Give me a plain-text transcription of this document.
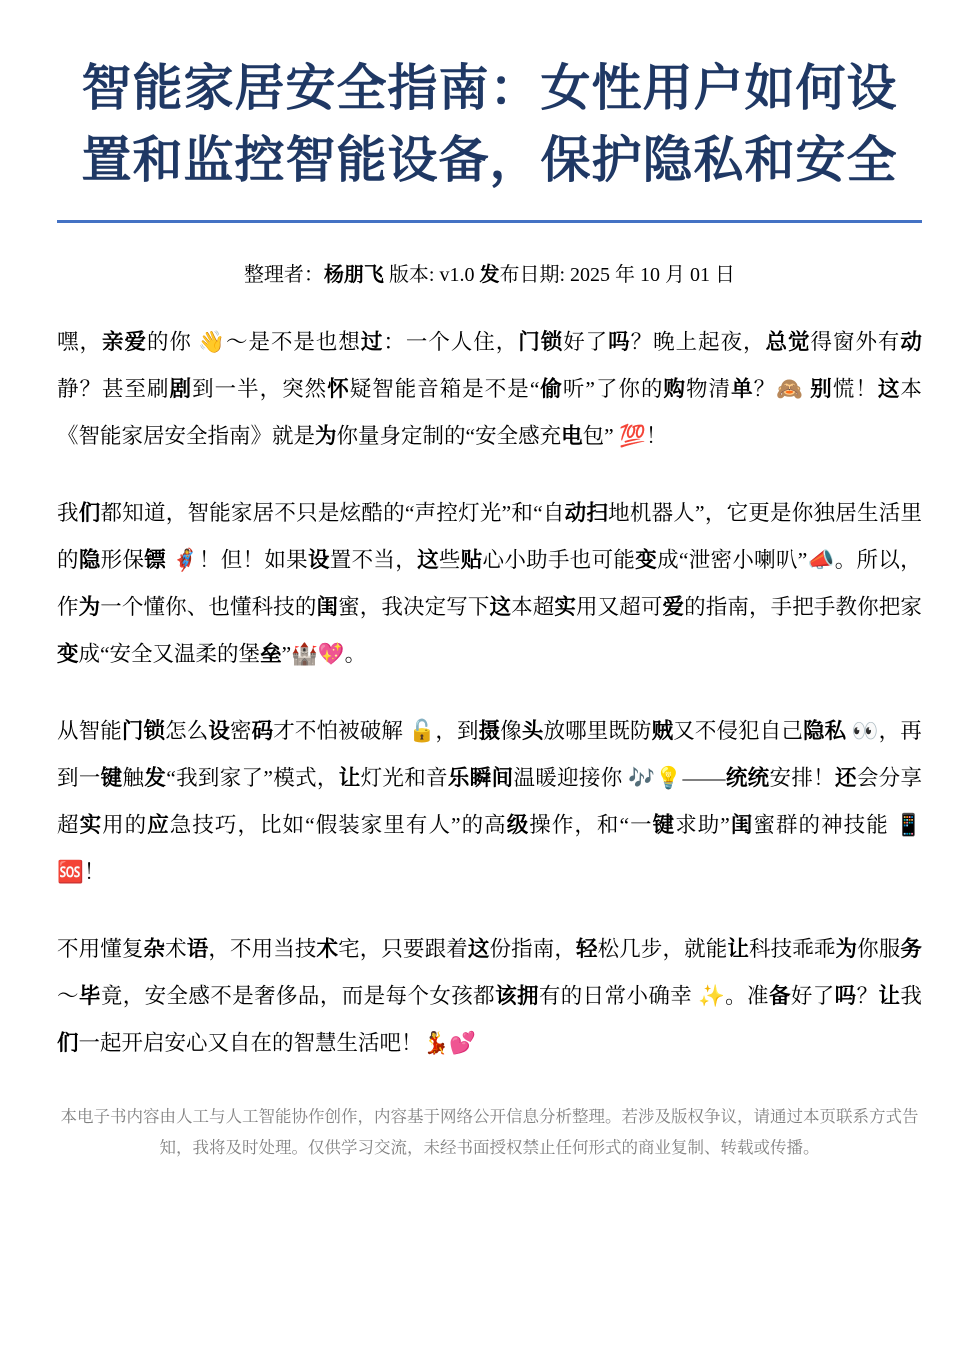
智能家居安全指南：女性用户如何设置和监控智能设备，保护隐私和安全
整理者：杨朋飞 版本: v1.0 发布日期: 2025 年 10 月 01 日

嘿，亲爱的你 👋～是不是也想过：一个人住，门锁好了吗？晚上起夜，总觉得窗外有动静？甚至刷剧到一半，突然怀疑智能音箱是不是“偷听”了你的购物清单？🙈 别慌！这本《智能家居安全指南》就是为你量身定制的“安全感充电包” 💯！

我们都知道，智能家居不只是炫酷的“声控灯光”和“自动扫地机器人”，它更是你独居生活里的隐形保镖 🦸‍♀️！但！如果设置不当，这些贴心小助手也可能变成“泄密小喇叭”📣。所以，作为一个懂你、也懂科技的闺蜜，我决定写下这本超实用又超可爱的指南，手把手教你把家变成“安全又温柔的堡垒”🏰💖。

从智能门锁怎么设密码才不怕被破解 🔓，到摄像头放哪里既防贼又不侵犯自己隐私 👀，再到一键触发“我到家了”模式，让灯光和音乐瞬间温暖迎接你 🎶💡——统统安排！还会分享超实用的应急技巧，比如“假装家里有人”的高级操作，和“一键求助”闺蜜群的神技能 📱🆘！

不用懂复杂术语，不用当技术宅，只要跟着这份指南，轻松几步，就能让科技乖乖为你服务～毕竟，安全感不是奢侈品，而是每个女孩都该拥有的日常小确幸 ✨。准备好了吗？让我们一起开启安心又自在的智慧生活吧！💃💕

本电子书内容由人工与人工智能协作创作，内容基于网络公开信息分析整理。若涉及版权争议，请通过本页联系方式告知，我将及时处理。仅供学习交流，未经书面授权禁止任何形式的商业复制、转载或传播。
